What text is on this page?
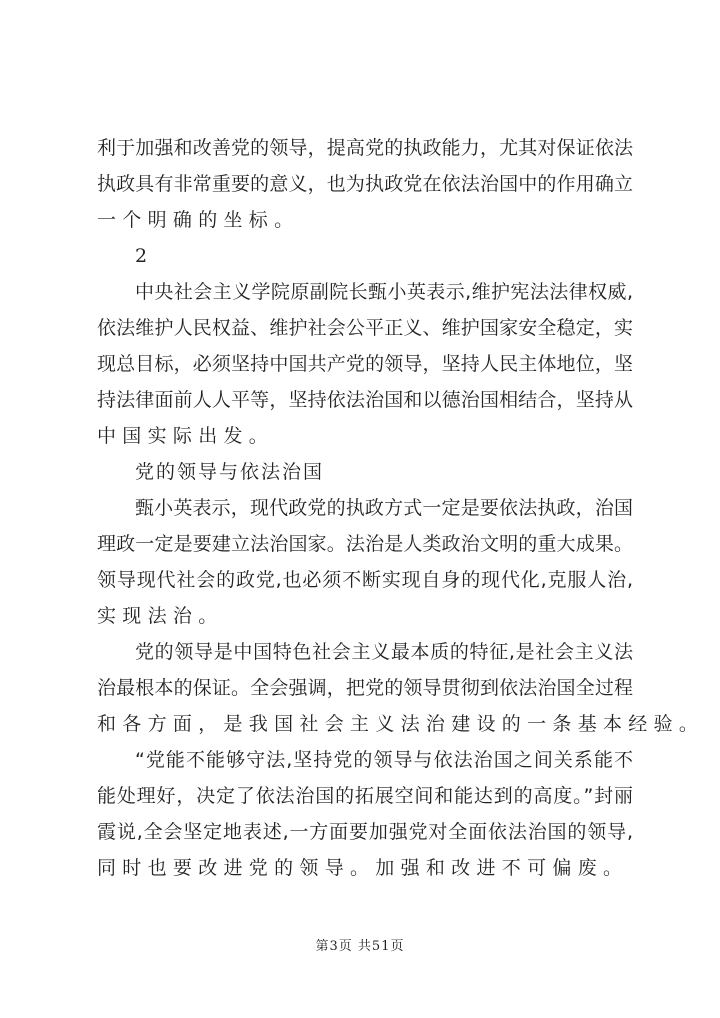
利于加强和改善党的领导，提高党的执政能力，尤其对保证依法
执政具有非常重要的意义，也为执政党在依法治国中的作用确立
一个明确的坐标。
2
中央社会主义学院原副院长甄小英表示,维护宪法法律权威,
依法维护人民权益、维护社会公平正义、维护国家安全稳定，实
现总目标，必须坚持中国共产党的领导，坚持人民主体地位，坚
持法律面前人人平等，坚持依法治国和以德治国相结合，坚持从
中国实际出发。
党的领导与依法治国
甄小英表示，现代政党的执政方式一定是要依法执政，治国
理政一定是要建立法治国家。法治是人类政治文明的重大成果。
领导现代社会的政党,也必须不断实现自身的现代化,克服人治,
实现法治。
党的领导是中国特色社会主义最本质的特征,是社会主义法
治最根本的保证。全会强调，把党的领导贯彻到依法治国全过程
和各方面，是我国社会主义法治建设的一条基本经验。
“党能不能够守法,坚持党的领导与依法治国之间关系能不
能处理好，决定了依法治国的拓展空间和能达到的高度。”封丽
霞说,全会坚定地表述,一方面要加强党对全面依法治国的领导,
同时也要改进党的领导。加强和改进不可偏废。
第3页 共51页
